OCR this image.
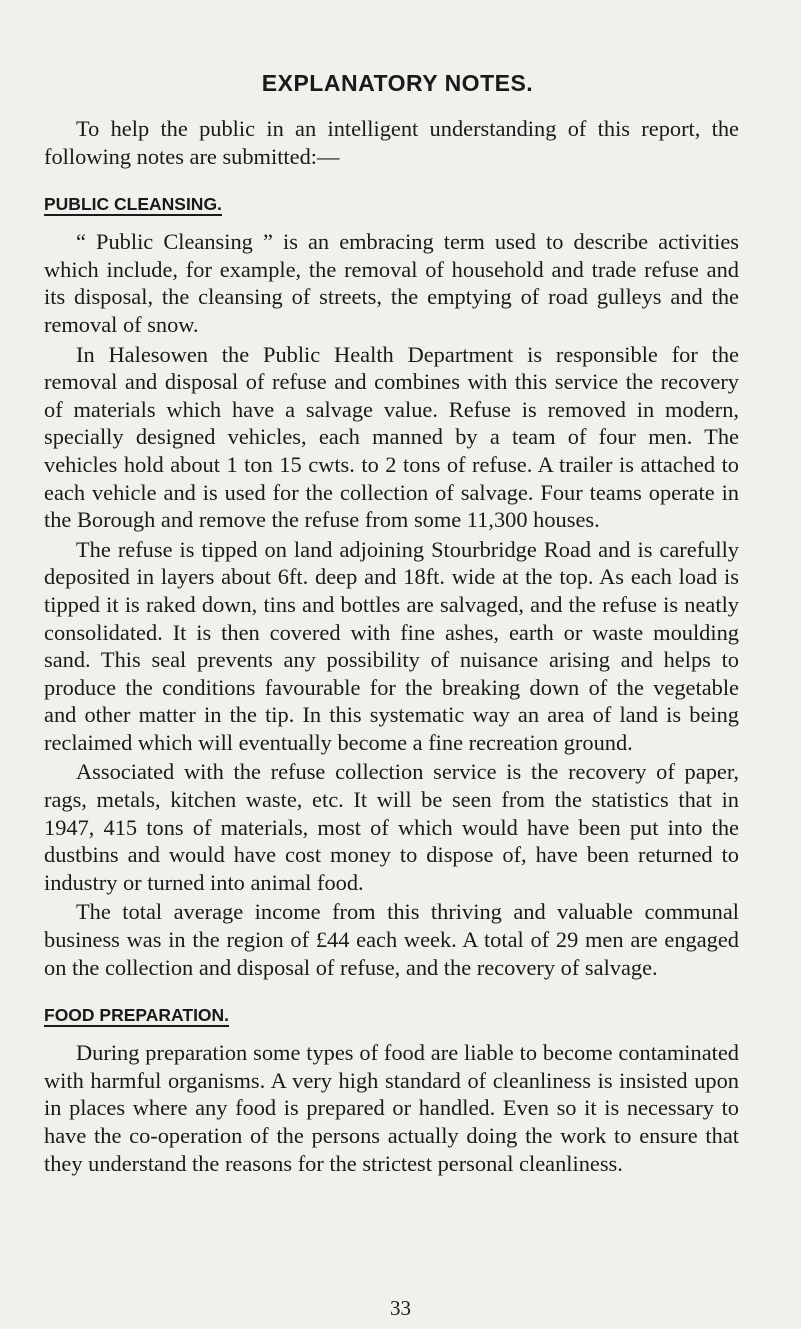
EXPLANATORY NOTES.

To help the public in an intelligent understanding of this report, the following notes are submitted:—

PUBLIC CLEANSING.

“ Public Cleansing ” is an embracing term used to describe activities which include, for example, the removal of household and trade refuse and its disposal, the cleansing of streets, the emptying of road gulleys and the removal of snow.

In Halesowen the Public Health Department is responsible for the removal and disposal of refuse and combines with this service the recovery of materials which have a salvage value. Refuse is removed in modern, specially designed vehicles, each manned by a team of four men. The vehicles hold about 1 ton 15 cwts. to 2 tons of refuse. A trailer is attached to each vehicle and is used for the collection of salvage. Four teams operate in the Borough and remove the refuse from some 11,300 houses.

The refuse is tipped on land adjoining Stourbridge Road and is carefully deposited in layers about 6ft. deep and 18ft. wide at the top. As each load is tipped it is raked down, tins and bottles are salvaged, and the refuse is neatly consolidated. It is then covered with fine ashes, earth or waste moulding sand. This seal prevents any possibility of nuisance arising and helps to produce the conditions favourable for the breaking down of the vegetable and other matter in the tip. In this systematic way an area of land is being reclaimed which will eventually become a fine recreation ground.

Associated with the refuse collection service is the recovery of paper, rags, metals, kitchen waste, etc. It will be seen from the statistics that in 1947, 415 tons of materials, most of which would have been put into the dustbins and would have cost money to dispose of, have been returned to industry or turned into animal food.

The total average income from this thriving and valuable communal business was in the region of £44 each week. A total of 29 men are engaged on the collection and disposal of refuse, and the recovery of salvage.

FOOD PREPARATION.

During preparation some types of food are liable to become contaminated with harmful organisms. A very high standard of cleanliness is insisted upon in places where any food is prepared or handled. Even so it is necessary to have the co-operation of the persons actually doing the work to ensure that they understand the reasons for the strictest personal cleanliness.

33
